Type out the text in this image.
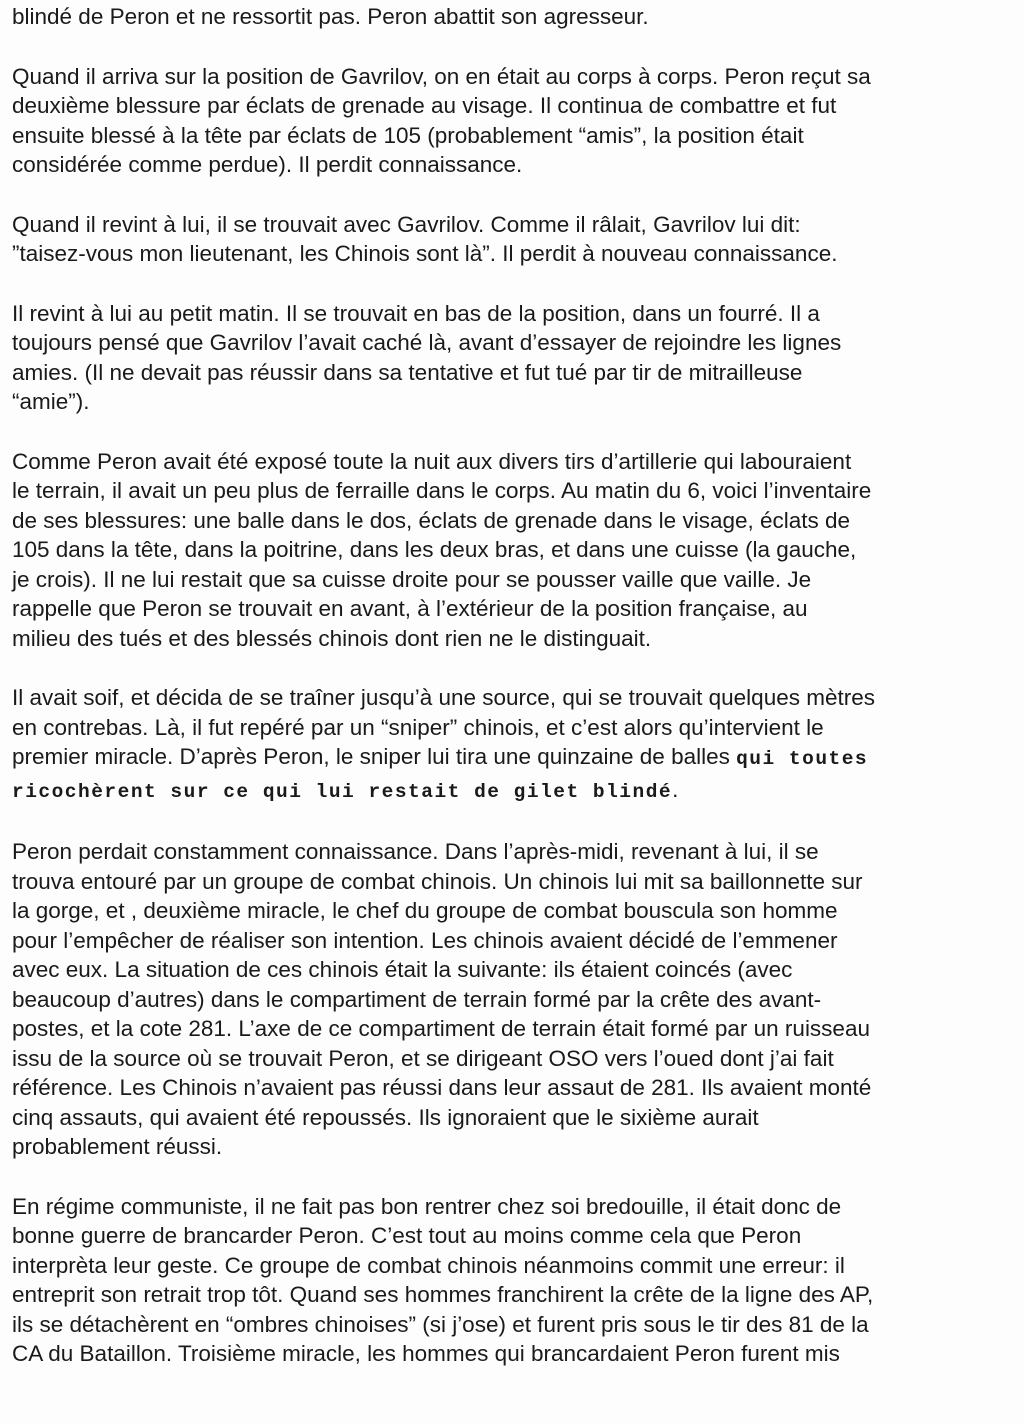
blindé de Peron et ne ressortit pas. Peron abattit son agresseur.

Quand il arriva sur la position de Gavrilov, on en était au corps à corps. Peron reçut sa
deuxième blessure par éclats de grenade au visage. Il continua de combattre et fut
ensuite blessé à la tête par éclats de 105 (probablement “amis”, la position était
considérée comme perdue). Il perdit connaissance.

Quand il revint à lui, il se trouvait avec Gavrilov. Comme il râlait, Gavrilov lui dit:
”taisez-vous mon lieutenant, les Chinois sont là”. Il perdit à nouveau connaissance.

Il revint à lui au petit matin. Il se trouvait en bas de la position, dans un fourré. Il a
toujours pensé que Gavrilov l’avait caché là, avant d’essayer de rejoindre les lignes
amies. (Il ne devait pas réussir dans sa tentative et fut tué par tir de mitrailleuse
“amie”).

Comme Peron avait été exposé toute la nuit aux divers tirs d’artillerie qui labouraient
le terrain, il avait un peu plus de ferraille dans le corps. Au matin du 6, voici l’inventaire
de ses blessures: une balle dans le dos, éclats de grenade dans le visage, éclats de
105 dans la tête, dans la poitrine, dans les deux bras, et dans une cuisse (la gauche,
je crois). Il ne lui restait que sa cuisse droite pour se pousser vaille que vaille. Je
rappelle que Peron se trouvait en avant, à l’extérieur de la position française, au
milieu des tués et des blessés chinois dont rien ne le distinguait.

Il avait soif, et décida de se traîner jusqu’à une source, qui se trouvait quelques mètres
en contrebas. Là, il fut repéré par un “sniper” chinois, et c’est alors qu’intervient le
premier miracle. D’après Peron, le sniper lui tira une quinzaine de balles qui toutes
ricochèrent sur ce qui lui restait de gilet blindé.

Peron perdait constamment connaissance. Dans l’après-midi, revenant à lui, il se
trouva entouré par un groupe de combat chinois. Un chinois lui mit sa baillonnette sur
la gorge, et , deuxième miracle, le chef du groupe de combat bouscula son homme
pour l’empêcher de réaliser son intention. Les chinois avaient décidé de l’emmener
avec eux. La situation de ces chinois était la suivante: ils étaient coincés (avec
beaucoup d’autres) dans le compartiment de terrain formé par la crête des avant-
postes, et la cote 281. L’axe de ce compartiment de terrain était formé par un ruisseau
issu de la source où se trouvait Peron, et se dirigeant OSO vers l’oued dont j’ai fait
référence. Les Chinois n’avaient pas réussi dans leur assaut de 281. Ils avaient monté
cinq assauts, qui avaient été repoussés. Ils ignoraient que le sixième aurait
probablement réussi.

En régime communiste, il ne fait pas bon rentrer chez soi bredouille, il était donc de
bonne guerre de brancarder Peron. C’est tout au moins comme cela que Peron
interprèta leur geste. Ce groupe de combat chinois néanmoins commit une erreur: il
entreprit son retrait trop tôt. Quand ses hommes franchirent la crête de la ligne des AP,
ils se détachèrent en “ombres chinoises” (si j’ose) et furent pris sous le tir des 81 de la
CA du Bataillon. Troisième miracle, les hommes qui brancardaient Peron furent mis
